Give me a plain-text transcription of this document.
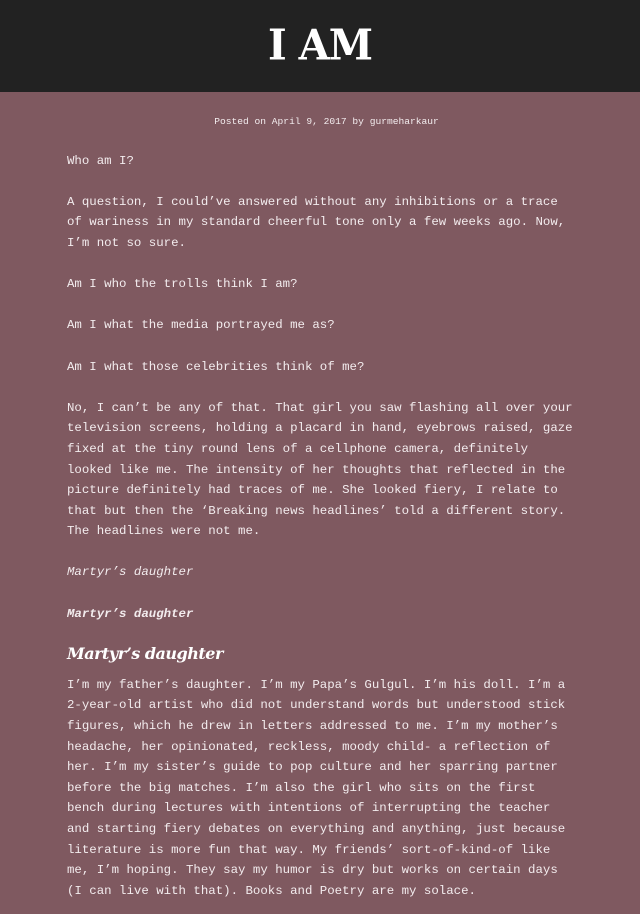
I AM
Posted on April 9, 2017 by gurmeharkaur

Who am I?

A question, I could’ve answered without any inhibitions or a trace of wariness in my standard cheerful tone only a few weeks ago. Now, I’m not so sure.

Am I who the trolls think I am?

Am I what the media portrayed me as?

Am I what those celebrities think of me?

No, I can’t be any of that. That girl you saw flashing all over your television screens, holding a placard in hand, eyebrows raised, gaze fixed at the tiny round lens of a cellphone camera, definitely looked like me. The intensity of her thoughts that reflected in the picture definitely had traces of me. She looked fiery, I relate to that but then the ‘Breaking news headlines’ told a different story. The headlines were not me.

Martyr’s daughter

Martyr’s daughter

Martyr’s daughter

I’m my father’s daughter. I’m my Papa’s Gulgul. I’m his doll. I’m a 2-year-old artist who did not understand words but understood stick figures, which he drew in letters addressed to me. I’m my mother’s headache, her opinionated, reckless, moody child- a reflection of her. I’m my sister’s guide to pop culture and her sparring partner before the big matches. I’m also the girl who sits on the first bench during lectures with intentions of interrupting the teacher and starting fiery debates on everything and anything, just because literature is more fun that way. My friends’ sort-of-kind-of like me, I’m hoping. They say my humor is dry but works on certain days (I can live with that). Books and Poetry are my solace.
